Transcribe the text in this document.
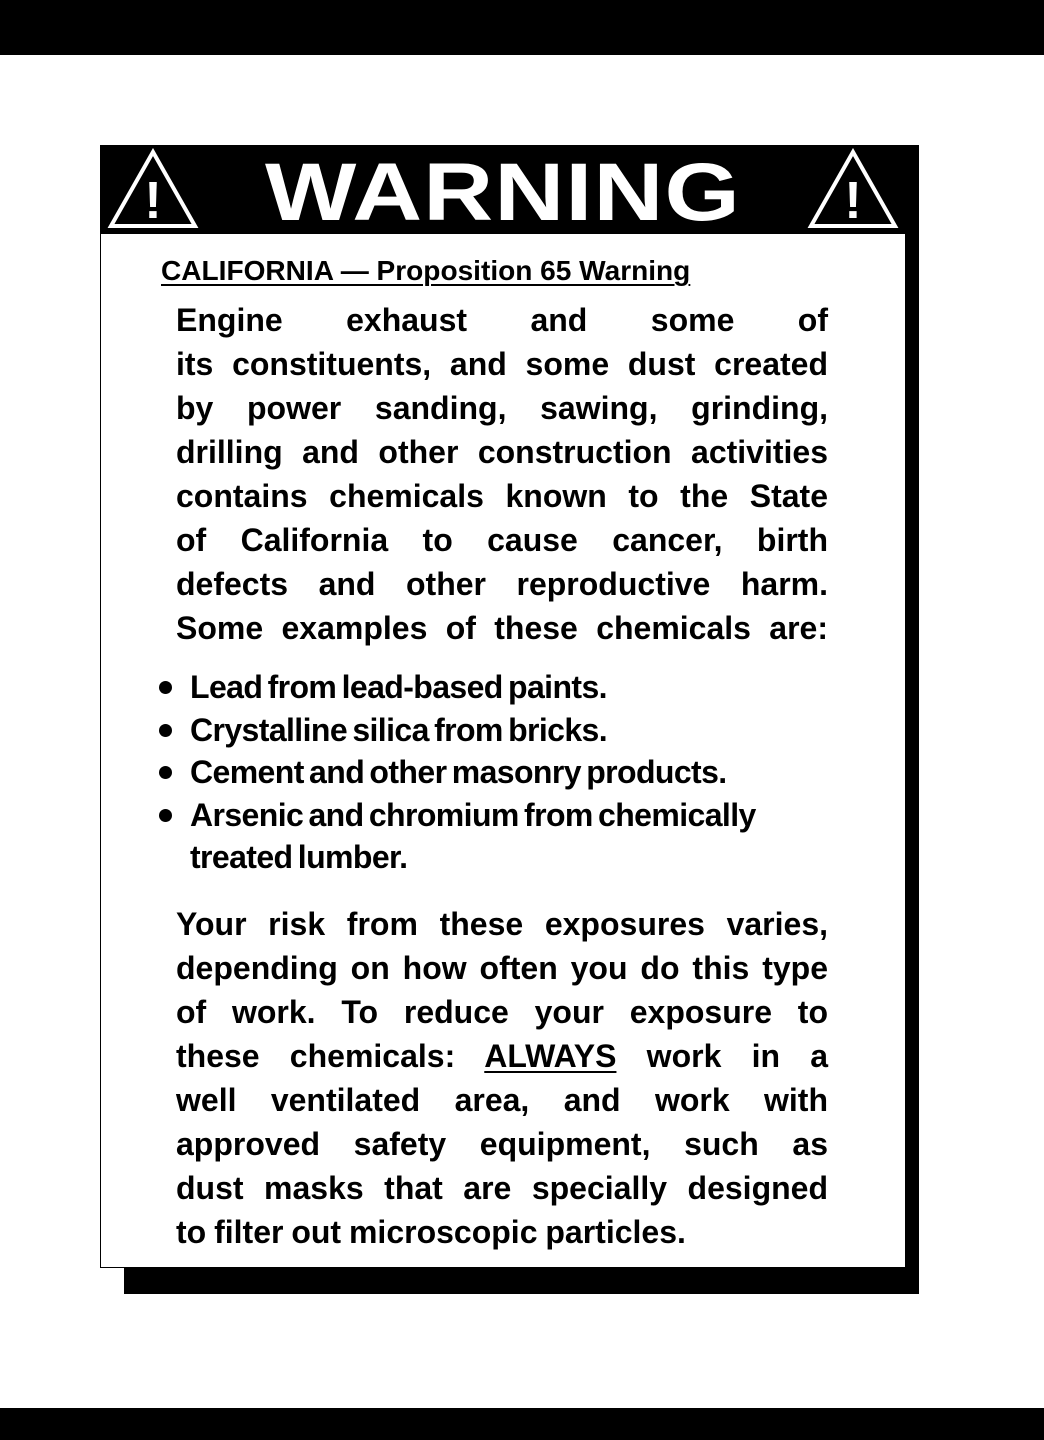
!	WARNING	!
CALIFORNIA — Proposition 65 Warning
Engine exhaust and some of
its constituents, and some dust created
by power sanding, sawing, grinding,
drilling and other construction activities
contains chemicals known to the State
of California to cause cancer, birth
defects and other reproductive harm.
Some examples of these chemicals are:
Lead from lead-based paints.
Crystalline silica from bricks.
Cement and other masonry products.
Arsenic and chromium from chemically treated lumber.
Your risk from these exposures varies,
depending on how often you do this type
of work. To reduce your exposure to
these chemicals: ALWAYS work in a
well ventilated area, and work with
approved safety equipment, such as
dust masks that are specially designed
to filter out microscopic particles.
